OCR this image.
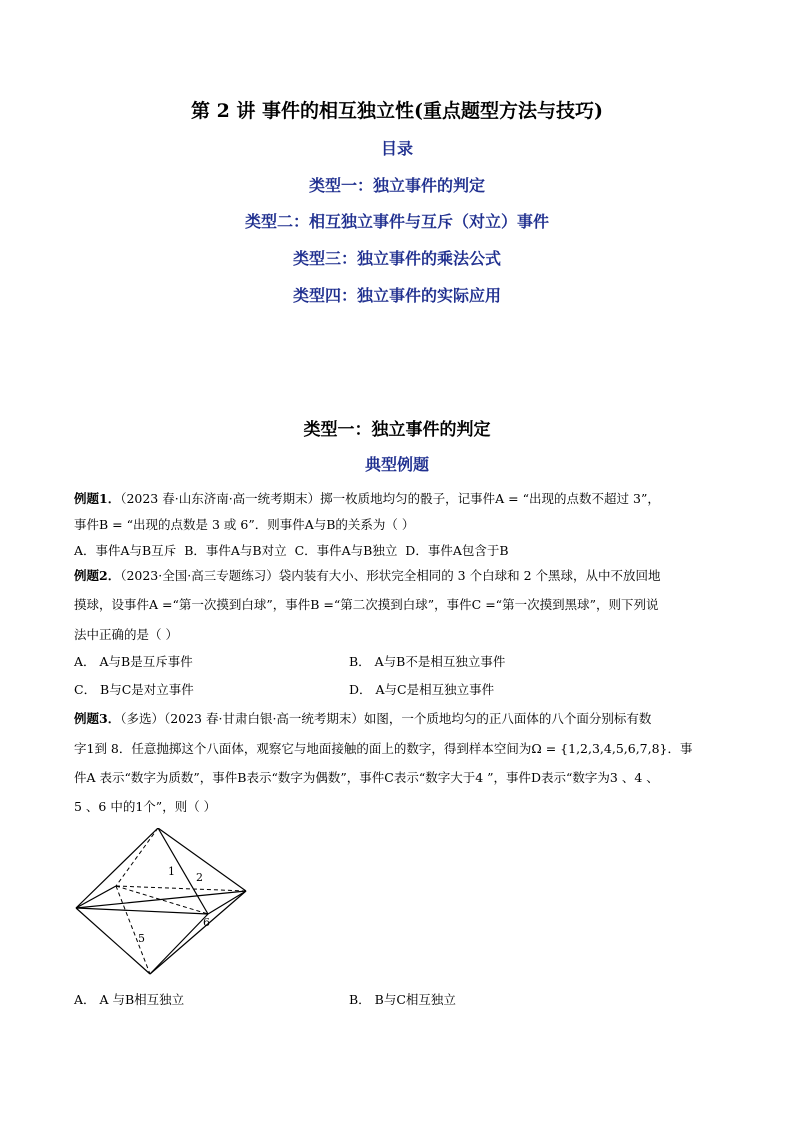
第 2 讲 事件的相互独立性(重点题型方法与技巧)
目录
类型一：独立事件的判定
类型二：相互独立事件与互斥（对立）事件
类型三：独立事件的乘法公式
类型四：独立事件的实际应用
类型一：独立事件的判定
典型例题
例题1．（2023 春·山东济南·高一统考期末）掷一枚质地均匀的骰子，记事件A = “出现的点数不超过 3”，
事件B = “出现的点数是 3 或 6”．则事件A与B的关系为（ ）
A．事件A与B互斥 B．事件A与B对立 C．事件A与B独立 D．事件A包含于B
例题2．（2023·全国·高三专题练习）袋内装有大小、形状完全相同的 3 个白球和 2 个黑球，从中不放回地
摸球，设事件A =“第一次摸到白球”，事件B =“第二次摸到白球”，事件C =“第一次摸到黑球”，则下列说
法中正确的是（ ）
A． A与B是互斥事件	B． A与B不是相互独立事件
C． B与C是对立事件	D． A与C是相互独立事件
例题3．（多选）（2023 春·甘肃白银·高一统考期末）如图，一个质地均匀的正八面体的八个面分别标有数
字1到 8．任意抛掷这个八面体，观察它与地面接触的面上的数字，得到样本空间为Ω = {1,2,3,4,5,6,7,8}．事
件A 表示“数字为质数”，事件B表示“数字为偶数”，事件C表示“数字大于4 ”，事件D表示“数字为3 、4 、
5 、6 中的1个”，则（ ）
1 2
5
6
A． A 与B相互独立	B． B与C相互独立
